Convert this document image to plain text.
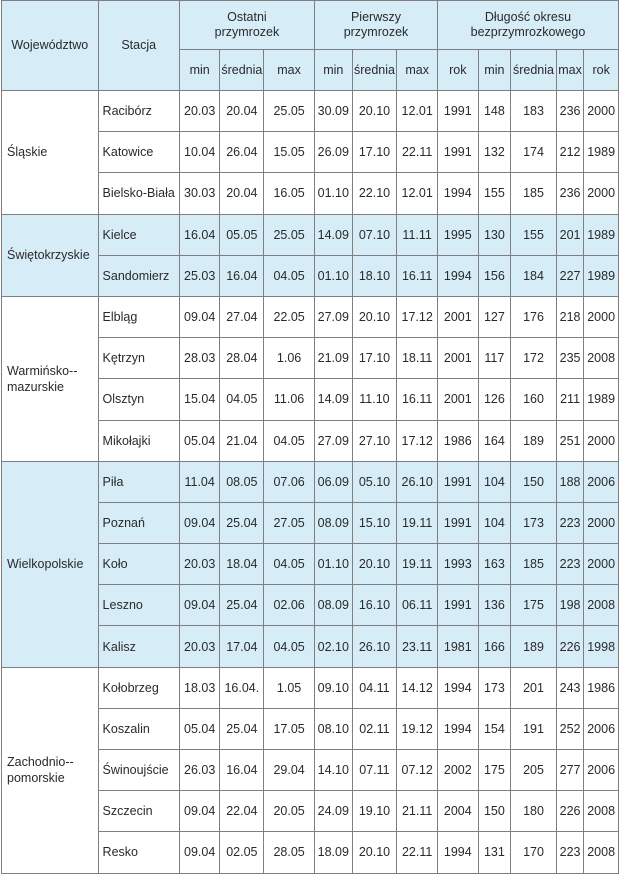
Województwo	Stacja	Ostatni przymrozek			Pierwszy przymrozek			Długość okresu bezprzymrozkowego				
		min	średnia	max	min	średnia	max	rok	min	średnia	max	rok
Śląskie	Racibórz	20.03	20.04	25.05	30.09	20.10	12.01	1991	148	183	236	2000
	Katowice	10.04	26.04	15.05	26.09	17.10	22.11	1991	132	174	212	1989
	Bielsko-Biała	30.03	20.04	16.05	01.10	22.10	12.01	1994	155	185	236	2000
Świętokrzyskie	Kielce	16.04	05.05	25.05	14.09	07.10	11.11	1995	130	155	201	1989
	Sandomierz	25.03	16.04	04.05	01.10	18.10	16.11	1994	156	184	227	1989
Warmińsko-mazurskie	Elbląg	09.04	27.04	22.05	27.09	20.10	17.12	2001	127	176	218	2000
	Kętrzyn	28.03	28.04	1.06	21.09	17.10	18.11	2001	117	172	235	2008
	Olsztyn	15.04	04.05	11.06	14.09	11.10	16.11	2001	126	160	211	1989
	Mikołajki	05.04	21.04	04.05	27.09	27.10	17.12	1986	164	189	251	2000
Wielkopolskie	Piła	11.04	08.05	07.06	06.09	05.10	26.10	1991	104	150	188	2006
	Poznań	09.04	25.04	27.05	08.09	15.10	19.11	1991	104	173	223	2000
	Koło	20.03	18.04	04.05	01.10	20.10	19.11	1993	163	185	223	2000
	Leszno	09.04	25.04	02.06	08.09	16.10	06.11	1991	136	175	198	2008
	Kalisz	20.03	17.04	04.05	02.10	26.10	23.11	1981	166	189	226	1998
Zachodnio-pomorskie	Kołobrzeg	18.03	16.04.	1.05	09.10	04.11	14.12	1994	173	201	243	1986
	Koszalin	05.04	25.04	17.05	08.10	02.11	19.12	1994	154	191	252	2006
	Świnoujście	26.03	16.04	29.04	14.10	07.11	07.12	2002	175	205	277	2006
	Szczecin	09.04	22.04	20.05	24.09	19.10	21.11	2004	150	180	226	2008
	Resko	09.04	02.05	28.05	18.09	20.10	22.11	1994	131	170	223	2008
